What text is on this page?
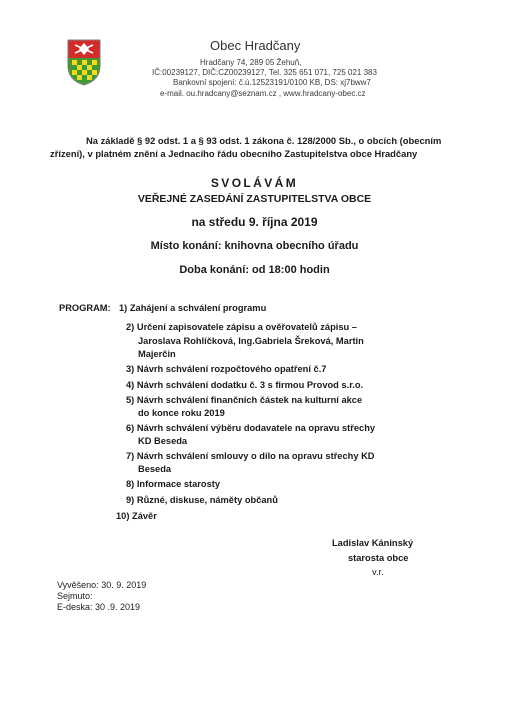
Obec Hradčany
Hradčany 74, 289 05 Žehuň,
IČ:00239127, DIČ:CZ00239127, Tel. 325 651 071, 725 021 383
Bankovní spojení: č.ú.12523191/0100 KB, DS: xj7bww7
e-mail. ou.hradcany@seznam.cz , www.hradcany-obec.cz
Na základě § 92 odst. 1 a § 93 odst. 1 zákona č. 128/2000 Sb., o obcích (obecním zřízení), v platném znění a Jednacího řádu obecního Zastupitelstva obce Hradčany
SVOLÁVÁM
VEŘEJNÉ ZASEDÁNÍ ZASTUPITELSTVA OBCE
na středu 9. října 2019
Místo konání: knihovna obecního úřadu
Doba konání: od 18:00 hodin
PROGRAM: 1) Zahájení a schválení programu
2) Určení zapisovatele zápisu a ověřovatelů zápisu –
Jaroslava Rohlíčková, Ing.Gabriela Šreková, Martin
Majerčin
3) Návrh schválení rozpočtového opatření č.7
4) Návrh schválení dodatku č. 3 s firmou Provod s.r.o.
5) Návrh schválení finančních částek na kulturní akce
do konce roku 2019
6) Návrh schválení výběru dodavatele na opravu střechy
KD Beseda
7) Návrh schválení smlouvy o dílo na opravu střechy KD
Beseda
8) Informace starosty
9) Různé, diskuse, náměty občanů
10) Závěr
Ladislav Káninský
starosta obce
v.r.
Vyvěšeno: 30. 9. 2019
Sejmuto:
E-deska: 30 .9. 2019
